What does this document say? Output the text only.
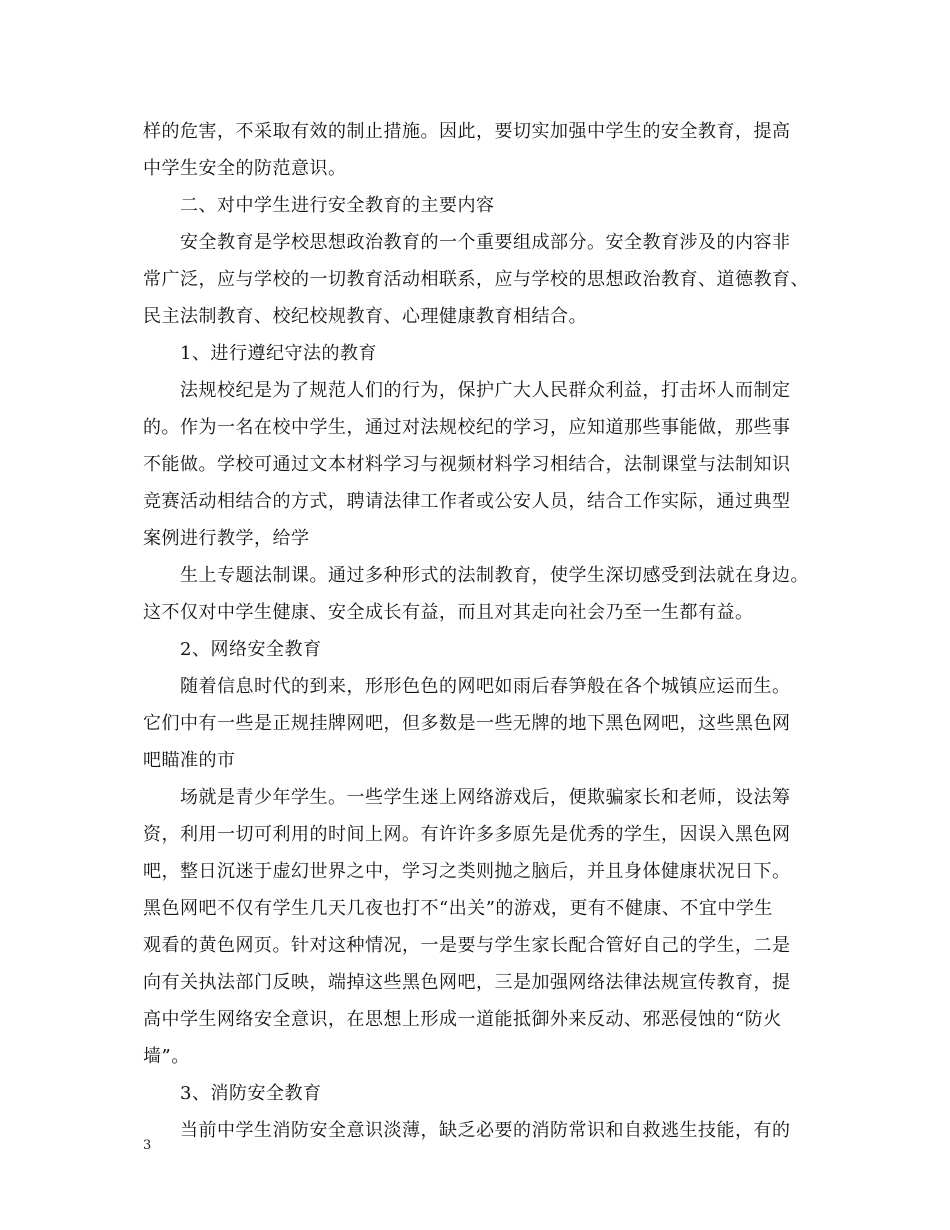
样的危害，不采取有效的制止措施。因此，要切实加强中学生的安全教育，提高
中学生安全的防范意识。
二、对中学生进行安全教育的主要内容
安全教育是学校思想政治教育的一个重要组成部分。安全教育涉及的内容非
常广泛，应与学校的一切教育活动相联系，应与学校的思想政治教育、道德教育、
民主法制教育、校纪校规教育、心理健康教育相结合。
1、进行遵纪守法的教育
法规校纪是为了规范人们的行为，保护广大人民群众利益，打击坏人而制定
的。作为一名在校中学生，通过对法规校纪的学习，应知道那些事能做，那些事
不能做。学校可通过文本材料学习与视频材料学习相结合，法制课堂与法制知识
竞赛活动相结合的方式，聘请法律工作者或公安人员，结合工作实际，通过典型
案例进行教学，给学
生上专题法制课。通过多种形式的法制教育，使学生深切感受到法就在身边。
这不仅对中学生健康、安全成长有益，而且对其走向社会乃至一生都有益。
2、网络安全教育
随着信息时代的到来，形形色色的网吧如雨后春笋般在各个城镇应运而生。
它们中有一些是正规挂牌网吧，但多数是一些无牌的地下黑色网吧，这些黑色网
吧瞄准的市
场就是青少年学生。一些学生迷上网络游戏后，便欺骗家长和老师，设法筹
资，利用一切可利用的时间上网。有许许多多原先是优秀的学生，因误入黑色网
吧，整日沉迷于虚幻世界之中，学习之类则抛之脑后，并且身体健康状况日下。
黑色网吧不仅有学生几天几夜也打不“出关”的游戏，更有不健康、不宜中学生
观看的黄色网页。针对这种情况，一是要与学生家长配合管好自己的学生，二是
向有关执法部门反映，端掉这些黑色网吧，三是加强网络法律法规宣传教育，提
高中学生网络安全意识，在思想上形成一道能抵御外来反动、邪恶侵蚀的“防火
墙”。
3、消防安全教育
当前中学生消防安全意识淡薄，缺乏必要的消防常识和自救逃生技能，有的
3
